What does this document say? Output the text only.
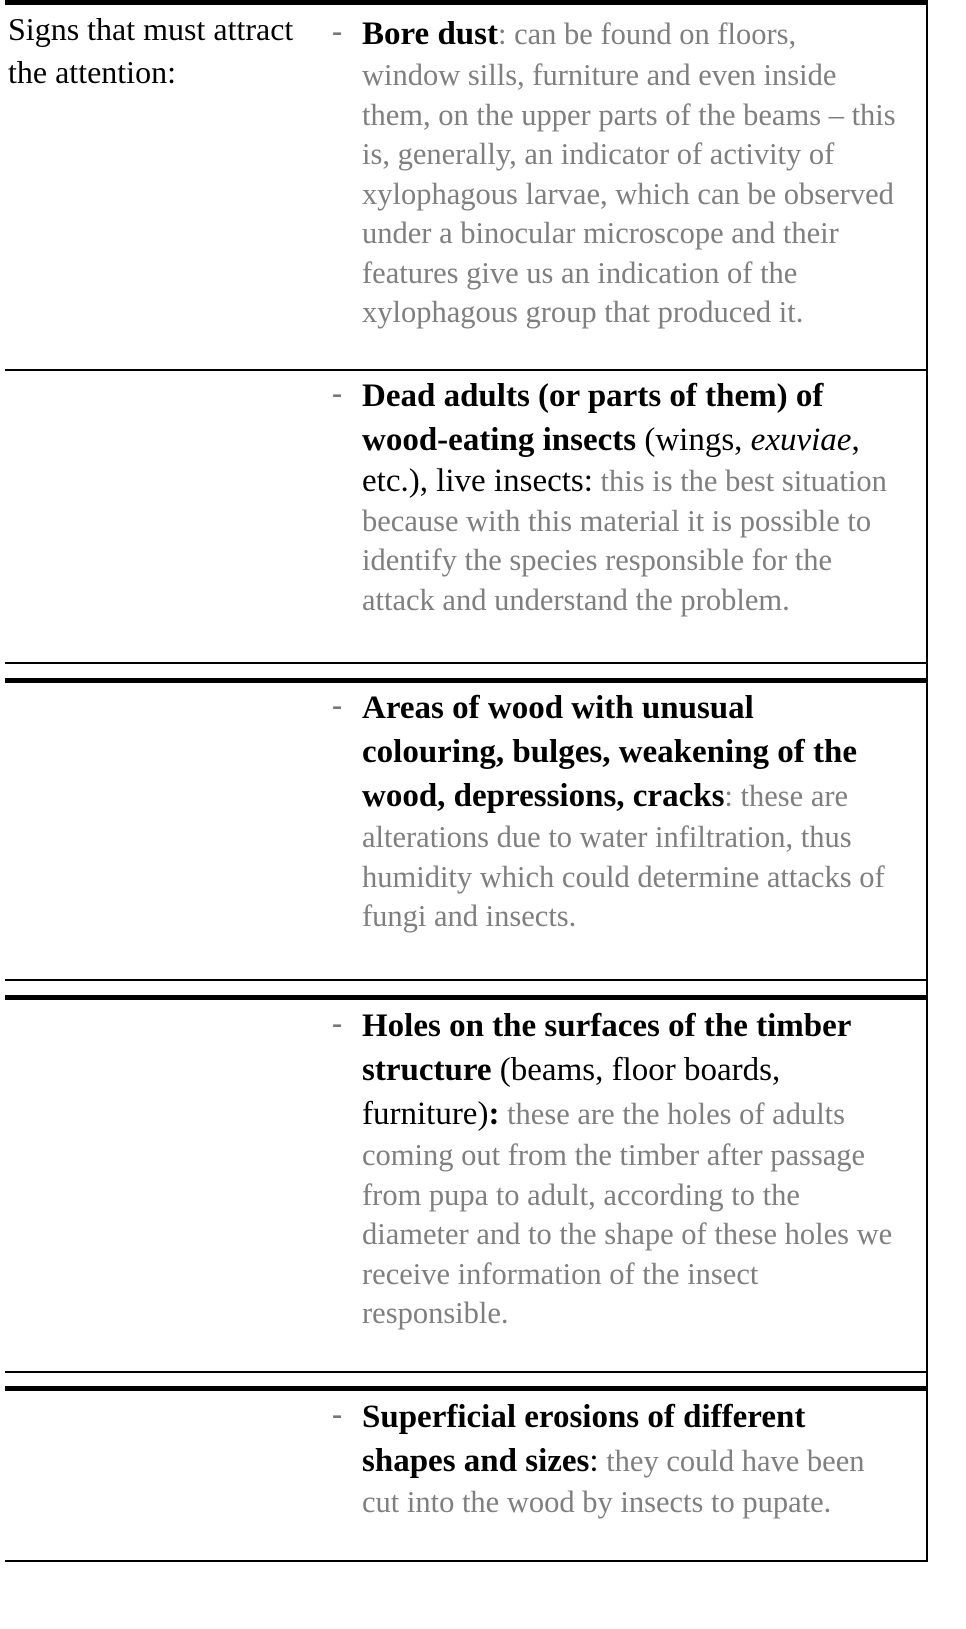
Signs that must attract the attention:
- Bore dust: can be found on floors, window sills, furniture and even inside them, on the upper parts of the beams – this is, generally, an indicator of activity of xylophagous larvae, which can be observed under a binocular microscope and their features give us an indication of the xylophagous group that produced it.
- Dead adults (or parts of them) of wood-eating insects (wings, exuviae, etc.), live insects: this is the best situation because with this material it is possible to identify the species responsible for the attack and understand the problem.
- Areas of wood with unusual colouring, bulges, weakening of the wood, depressions, cracks: these are alterations due to water infiltration, thus humidity which could determine attacks of fungi and insects.
- Holes on the surfaces of the timber structure (beams, floor boards, furniture): these are the holes of adults coming out from the timber after passage from pupa to adult, according to the diameter and to the shape of these holes we receive information of the insect responsible.
- Superficial erosions of different shapes and sizes: they could have been cut into the wood by insects to pupate.
